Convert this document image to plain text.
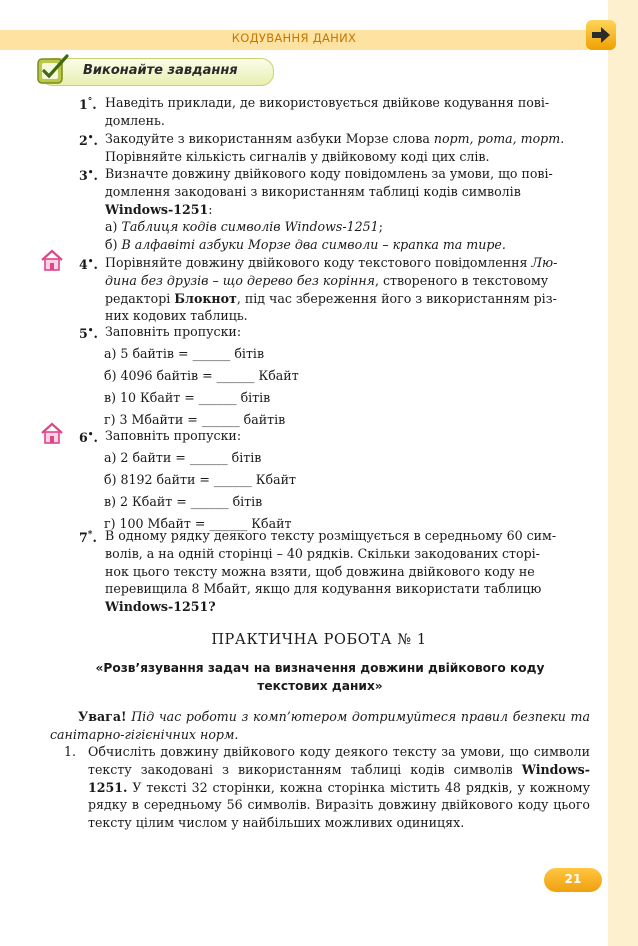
КОДУВАННЯ ДАНИХ
Виконайте завдання
1°. Наведіть приклади, де використовується двійкове кодування пові-
домлень.
2•. Закодуйте з використанням азбуки Морзе слова порт, рота, торт.
Порівняйте кількість сигналів у двійковому коді цих слів.
3•. Визначте довжину двійкового коду повідомлень за умови, що пові-
домлення закодовані з використанням таблиці кодів символів
Windows-1251:
а) Таблиця кодів символів Windows-1251;
б) В алфавіті азбуки Морзе два символи – крапка та тире.
4•. Порівняйте довжину двійкового коду текстового повідомлення Лю-
дина без друзів – що дерево без коріння, створеного в текстовому
редакторі Блокнот, під час збереження його з використанням різ-
них кодових таблиць.
5•. Заповніть пропуски:
а) 5 байтів = ______ бітів
б) 4096 байтів = ______ Кбайт
в) 10 Кбайт = ______ бітів
г) 3 Мбайти = ______ байтів
6•. Заповніть пропуски:
а) 2 байти = ______ бітів
б) 8192 байти = ______ Кбайт
в) 2 Кбайт = ______ бітів
г) 100 Мбайт = ______ Кбайт
7*. В одному рядку деякого тексту розміщується в середньому 60 сим-
волів, а на одній сторінці – 40 рядків. Скільки закодованих сторі-
нок цього тексту можна взяти, щоб довжина двійкового коду не
перевищила 8 Мбайт, якщо для кодування використати таблицю
Windows-1251?
ПРАКТИЧНА РОБОТА № 1
«Розв’язування задач на визначення довжини двійкового коду
текстових даних»
Увага! Під час роботи з комп’ютером дотримуйтеся правил безпеки та санітарно-гігієнічних норм.
1. Обчисліть довжину двійкового коду деякого тексту за умови, що символи тексту закодовані з використанням таблиці кодів символів Windows-1251. У тексті 32 сторінки, кожна сторінка містить 48 рядків, у кожному рядку в середньому 56 символів. Виразіть довжину двійкового коду цього тексту цілим числом у найбільших можливих одиницях.
21
